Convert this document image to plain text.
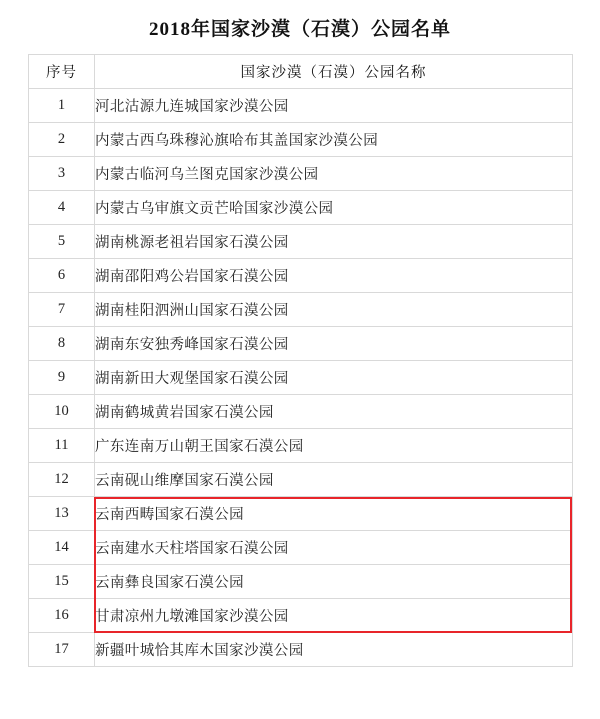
2018年国家沙漠（石漠）公园名单
序号	国家沙漠（石漠）公园名称
1	河北沽源九连城国家沙漠公园
2	内蒙古西乌珠穆沁旗哈布其盖国家沙漠公园
3	内蒙古临河乌兰图克国家沙漠公园
4	内蒙古乌审旗文贡芒哈国家沙漠公园
5	湖南桃源老祖岩国家石漠公园
6	湖南邵阳鸡公岩国家石漠公园
7	湖南桂阳泗洲山国家石漠公园
8	湖南东安独秀峰国家石漠公园
9	湖南新田大观堡国家石漠公园
10	湖南鹤城黄岩国家石漠公园
11	广东连南万山朝王国家石漠公园
12	云南砚山维摩国家石漠公园
13	云南西畴国家石漠公园
14	云南建水天柱塔国家石漠公园
15	云南彝良国家石漠公园
16	甘肃凉州九墩滩国家沙漠公园
17	新疆叶城恰其库木国家沙漠公园
